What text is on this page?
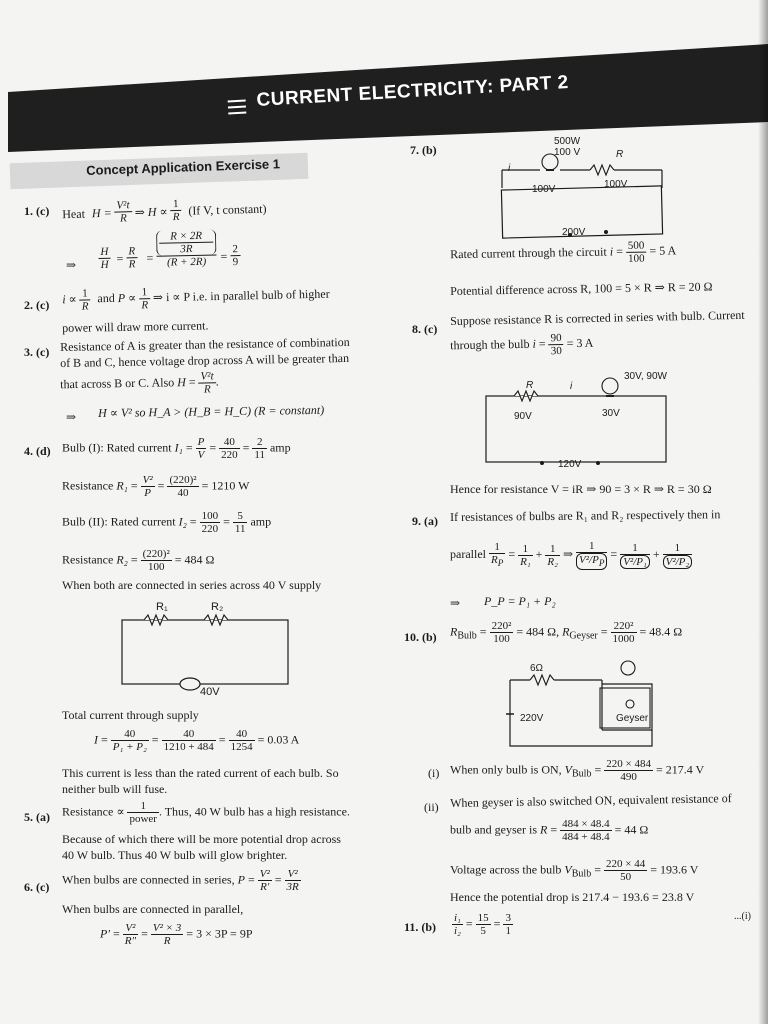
CURRENT ELECTRICITY: PART 2
Concept Application Exercise 1
1. (c) Heat $H = \frac{\text{V²t}}{R}$ ⇒ $H \propto \frac{1}{R} (If$ V, t constant)
⇒ $\frac{H}{H} = \frac{R}{R}$ =
R × 2R
3R
(R + 2R)	= $\frac{2}{9}$
2. (c) $i \propto \frac{1}{R}$ and $P \propto \frac{1}{R}$ ⇒ i ∝ P i.e. in parallel bulb of higher
power will draw more current.
3. (c) Resistance of A is greater than the resistance of combination
of B and C, hence voltage drop across A will be greater than
that across B or C. Also $H = \frac{\text{V²t}}{R}$ .
⇒ H ∝ V² so H_A > (H_B = H_C) (R = constant)
4. (d) Bulb (I): Rated current $I_1 = \frac{P}{V} = \frac{40}{220} = \frac{2}{11}$ amp
Resistance $R_1 = \frac{\text{V²}}{P} = \frac{\text{(220)²}}{40} = 1210$ W
Bulb (II): Rated current $I_2 = \frac{100}{220} = \frac{5}{11}$ amp
Resistance $R_2 = \frac{\text{(220)²}}{100} = 484$ Ω
When both are connected in series across 40 V supply
R₁	R₂
40V
Total current through supply
$I = \frac{40}{\text{P₁ + P₂}} = \frac{40}{1210 + 484} = \frac{40}{1254} = 0.03$ A
This current is less than the rated current of each bulb. So
neither bulb will fuse.
5. (a) Resistance ∝ $\frac{1}{\text{power}}$ . Thus, 40 W bulb has a high resistance.
Because of which there will be more potential drop across
40 W bulb. Thus 40 W bulb will glow brighter.
6. (c)
When bulbs are connected in series, $P = \frac{\text{V²}}{R'} = \frac{\text{V²}}{3R}$
When bulbs are connected in parallel,
$P' = \frac{\text{V²}}{R''} = \frac{\text{V² × 3}}{R} = 3 \times 3P = 9P$
7. (b)
500W
100 V	R
i
100V	100V
200V
Rated current through the circuit $i = \frac{500}{100} = 5$ A
Potential difference across R, 100 = 5 × R ⇒ R = 20 Ω
8. (c)
Suppose resistance R is corrected in series with bulb. Current
through the bulb $i = \frac{90}{30} = 3$ A
R	i
30V, 90W
90V	30V
120V
Hence for resistance V = iR ⇒ 90 = 3 × R ⇒ R = 30 Ω
9. (a) If resistances of bulbs are R₁ and R₂ respectively then in
parallel $\frac{1}{R_P} = \frac{1}{\text{R₁}} + \frac{1}{\text{R₂}}$ ⇒ $\frac{1}{V^2/P_P} = \frac{1}{\text{V²/P₁}} + \frac{1}{\text{V²/P₂}}$
⇒ P_P = P₁ + P₂
10. (b) $R_{Bulb} = \frac{\text{220²}}{100} = 484$ Ω, $R_{Geyser} = \frac{\text{220²}}{1000} = 48.4$ Ω
6Ω
220V	Geyser
(i) When only bulb is ON, $V_{Bulb} = \frac{220 \times 484}{490} = 217.4$ V
(ii) When geyser is also switched ON, equivalent resistance of
bulb and geyser is $R = \frac{484 \times 48.4}{484 + 48.4} = 44$ Ω
Voltage across the bulb $V_{Bulb} = \frac{220 \times 44}{50} = 193.6$ V
Hence the potential drop is 217.4 − 193.6 = 23.8 V
11. $(b) \frac{\text{i₁}}{\text{i₂}} = \frac{15}{5} = \frac{3}{1}$	...(i)
